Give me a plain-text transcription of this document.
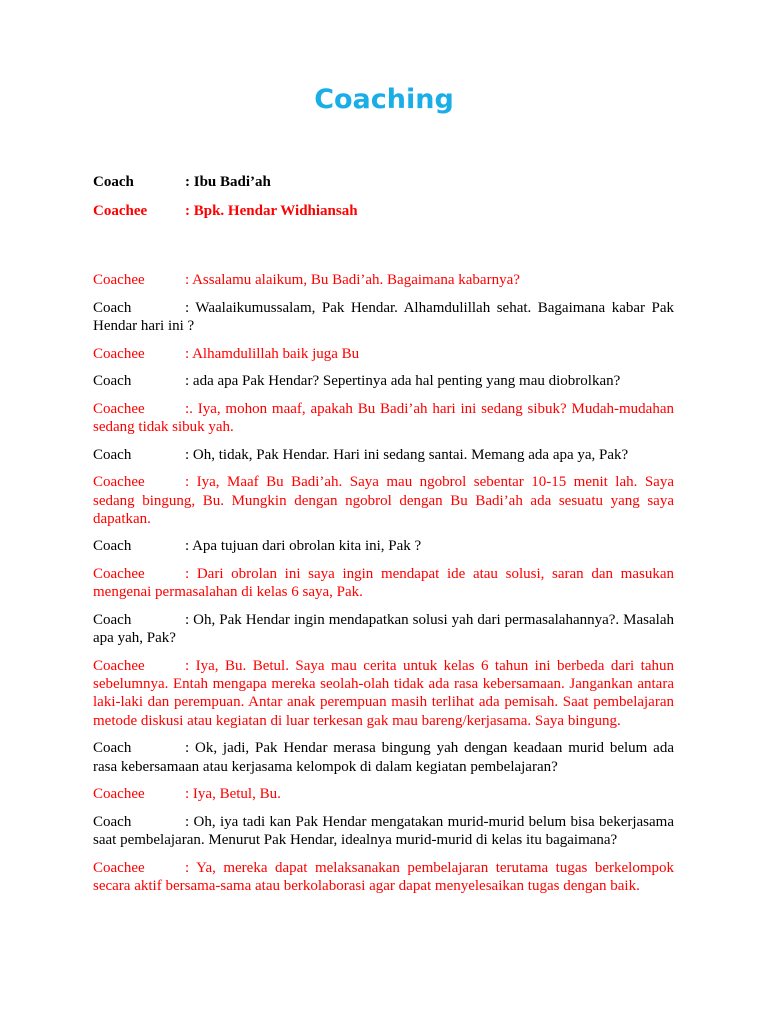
Coaching
Coach	: Ibu Badi’ah
Coachee	: Bpk. Hendar Widhiansah

Coachee	: Assalamu alaikum, Bu Badi’ah. Bagaimana kabarnya?

Coach	: Waalaikumussalam, Pak Hendar. Alhamdulillah sehat. Bagaimana kabar Pak Hendar hari ini ?

Coachee	: Alhamdulillah baik juga Bu

Coach	: ada apa Pak Hendar? Sepertinya ada hal penting yang mau diobrolkan?

Coachee	:. Iya, mohon maaf, apakah Bu Badi’ah hari ini sedang sibuk? Mudah-mudahan sedang tidak sibuk yah.

Coach	: Oh, tidak, Pak Hendar. Hari ini sedang santai. Memang ada apa ya, Pak?

Coachee	: Iya, Maaf Bu Badi’ah. Saya mau ngobrol sebentar 10-15 menit lah. Saya sedang bingung, Bu. Mungkin dengan ngobrol dengan Bu Badi’ah ada sesuatu yang saya dapatkan.

Coach	: Apa tujuan dari obrolan kita ini, Pak ?

Coachee	: Dari obrolan ini saya ingin mendapat ide atau solusi, saran dan masukan mengenai permasalahan di kelas 6 saya, Pak.

Coach	: Oh, Pak Hendar ingin mendapatkan solusi yah dari permasalahannya?. Masalah apa yah, Pak?

Coachee	: Iya, Bu. Betul. Saya mau cerita untuk kelas 6 tahun ini berbeda dari tahun sebelumnya. Entah mengapa mereka seolah-olah tidak ada rasa kebersamaan. Jangankan antara laki-laki dan perempuan. Antar anak perempuan masih terlihat ada pemisah. Saat pembelajaran metode diskusi atau kegiatan di luar terkesan gak mau bareng/kerjasama. Saya bingung.

Coach	: Ok, jadi, Pak Hendar merasa bingung yah dengan keadaan murid belum ada rasa kebersamaan atau kerjasama kelompok di dalam kegiatan pembelajaran?

Coachee	: Iya, Betul, Bu.

Coach	: Oh, iya tadi kan Pak Hendar mengatakan murid-murid belum bisa bekerjasama saat pembelajaran. Menurut Pak Hendar, idealnya murid-murid di kelas itu bagaimana?

Coachee	: Ya, mereka dapat melaksanakan pembelajaran terutama tugas berkelompok secara aktif bersama-sama atau berkolaborasi agar dapat menyelesaikan tugas dengan baik.
